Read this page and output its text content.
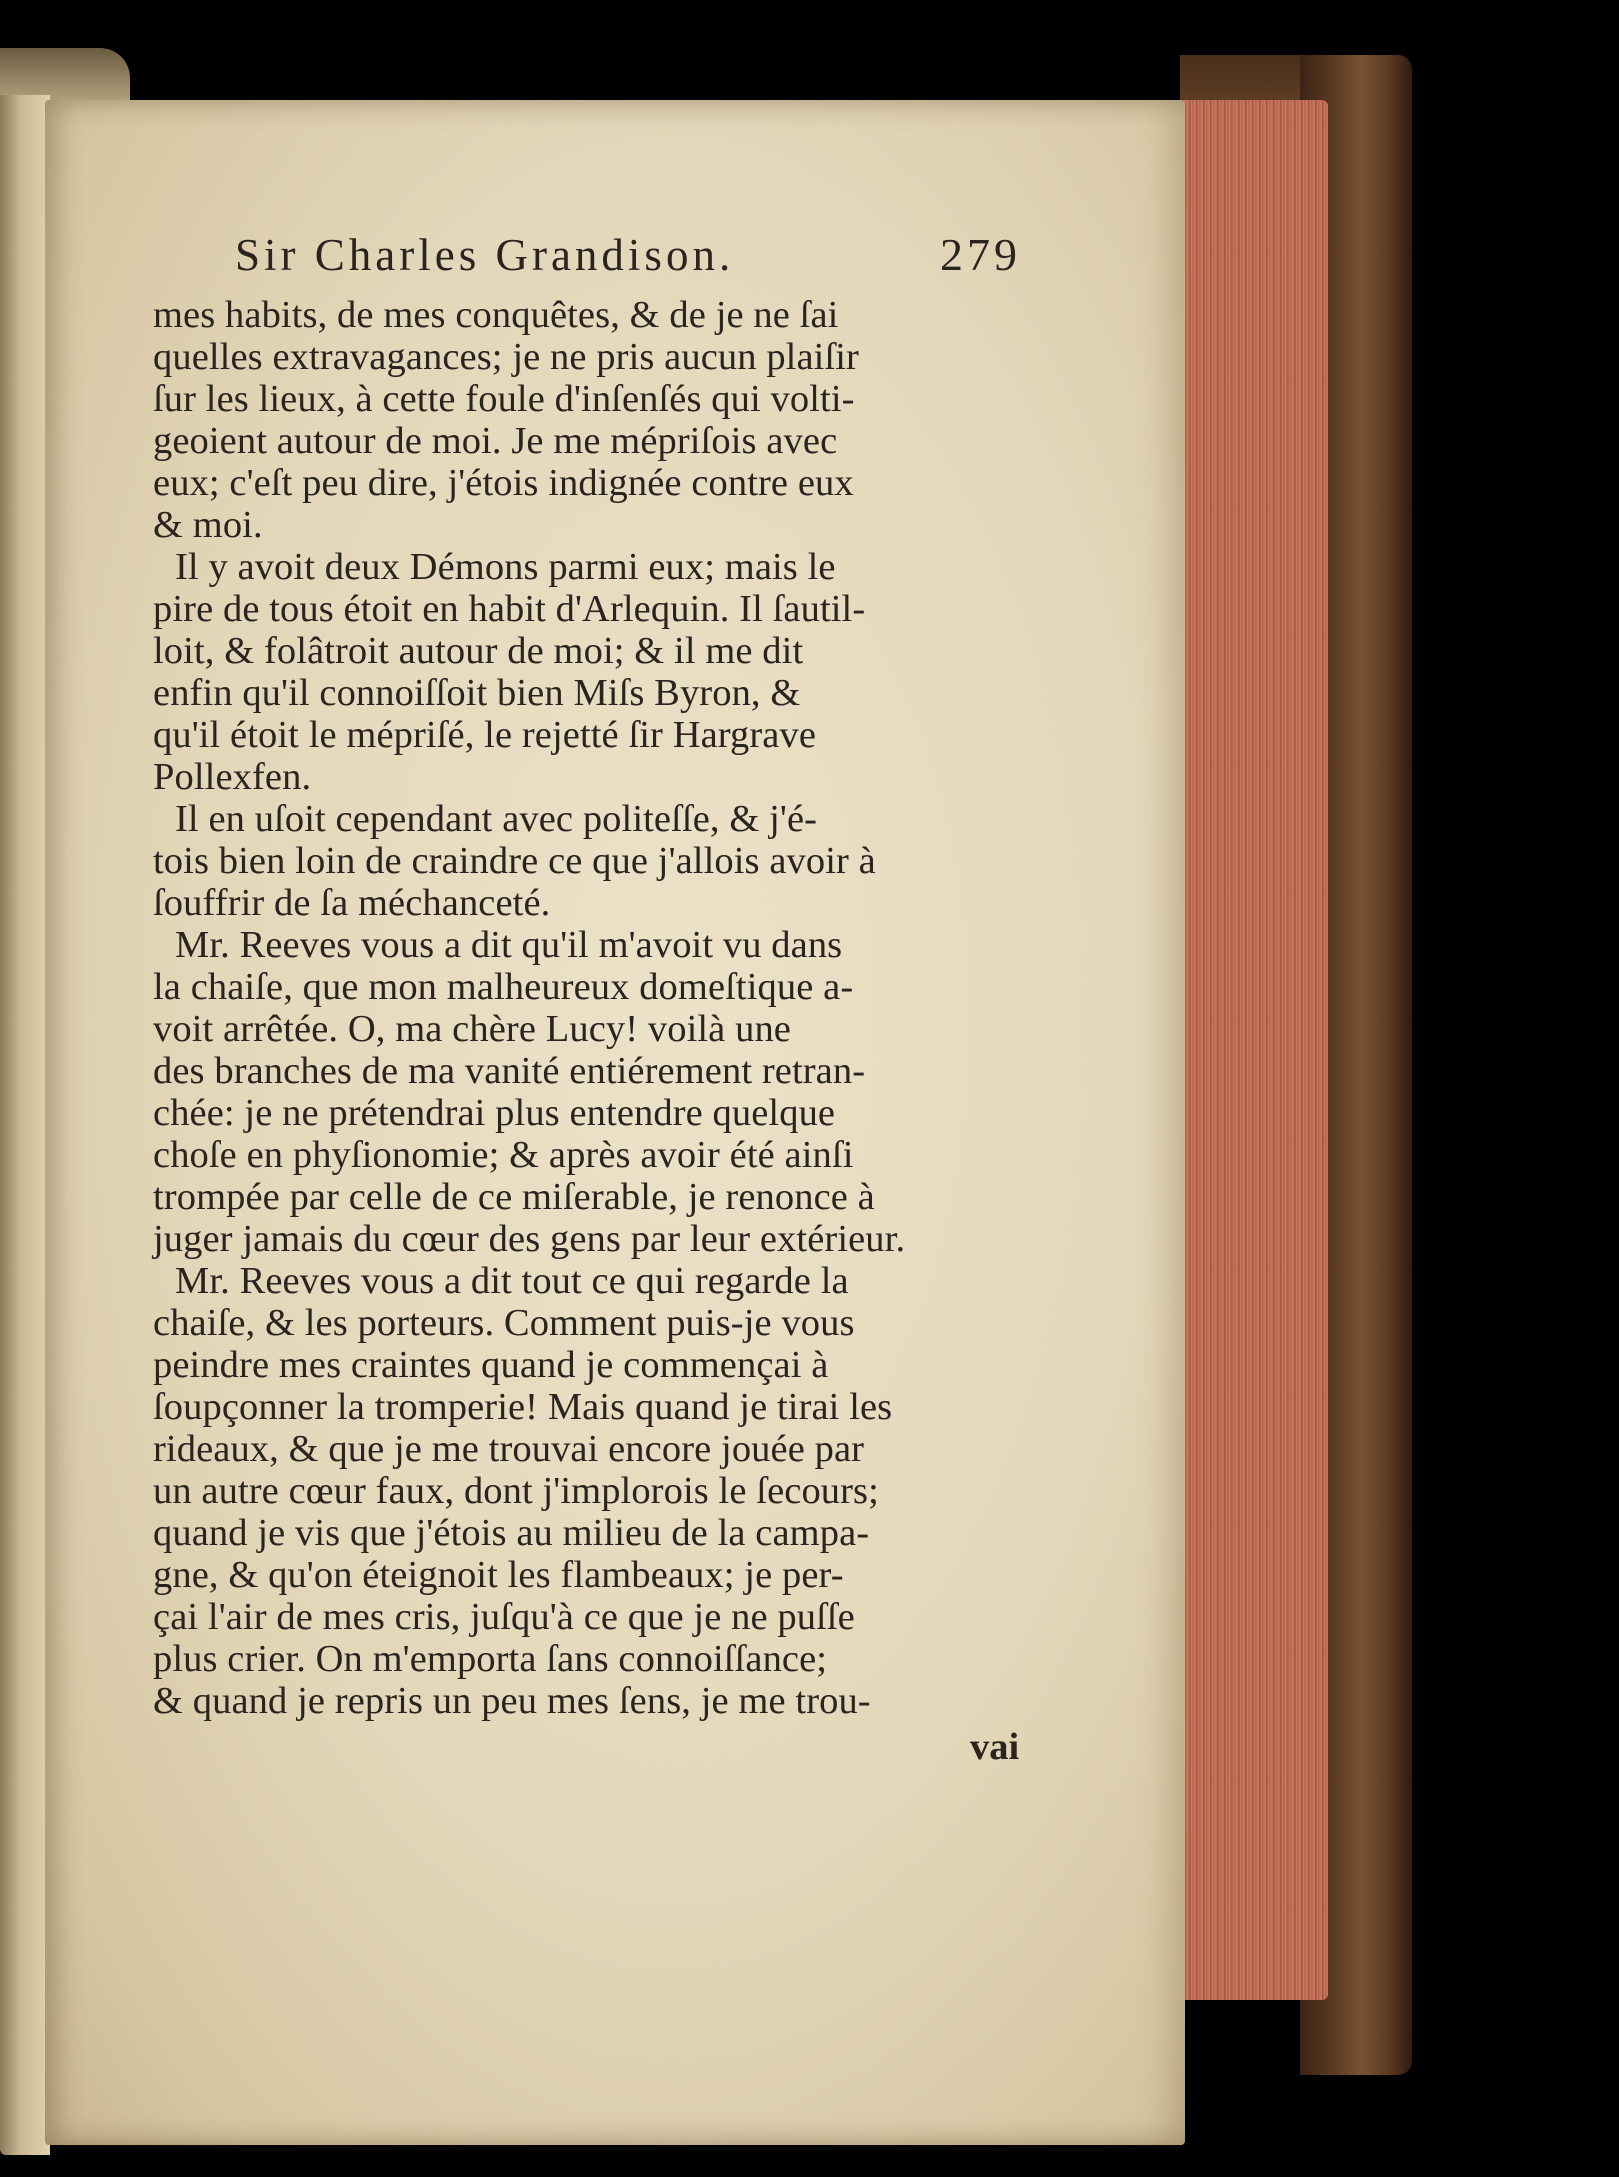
Sir Charles Grandison.	279
mes habits, de mes conquêtes, & de je ne ſai
quelles extravagances; je ne pris aucun plaiſir
ſur les lieux, à cette foule d'inſenſés qui volti-
geoient autour de moi. Je me mépriſois avec
eux; c'eſt peu dire, j'étois indignée contre eux
& moi.
Il y avoit deux Démons parmi eux; mais le
pire de tous étoit en habit d'Arlequin. Il ſautil-
loit, & folâtroit autour de moi; & il me dit
enfin qu'il connoiſſoit bien Miſs Byron, &
qu'il étoit le mépriſé, le rejetté ſir Hargrave
Pollexfen.
Il en uſoit cependant avec politeſſe, & j'é-
tois bien loin de craindre ce que j'allois avoir à
ſouffrir de ſa méchanceté.
Mr. Reeves vous a dit qu'il m'avoit vu dans
la chaiſe, que mon malheureux domeſtique a-
voit arrêtée. O, ma chère Lucy! voilà une
des branches de ma vanité entiérement retran-
chée: je ne prétendrai plus entendre quelque
choſe en phyſionomie; & après avoir été ainſi
trompée par celle de ce miſerable, je renonce à
juger jamais du cœur des gens par leur extérieur.
Mr. Reeves vous a dit tout ce qui regarde la
chaiſe, & les porteurs. Comment puis-je vous
peindre mes craintes quand je commençai à
ſoupçonner la tromperie! Mais quand je tirai les
rideaux, & que je me trouvai encore jouée par
un autre cœur faux, dont j'implorois le ſecours;
quand je vis que j'étois au milieu de la campa-
gne, & qu'on éteignoit les flambeaux; je per-
çai l'air de mes cris, juſqu'à ce que je ne puſſe
plus crier. On m'emporta ſans connoiſſance;
& quand je repris un peu mes ſens, je me trou-
vai
